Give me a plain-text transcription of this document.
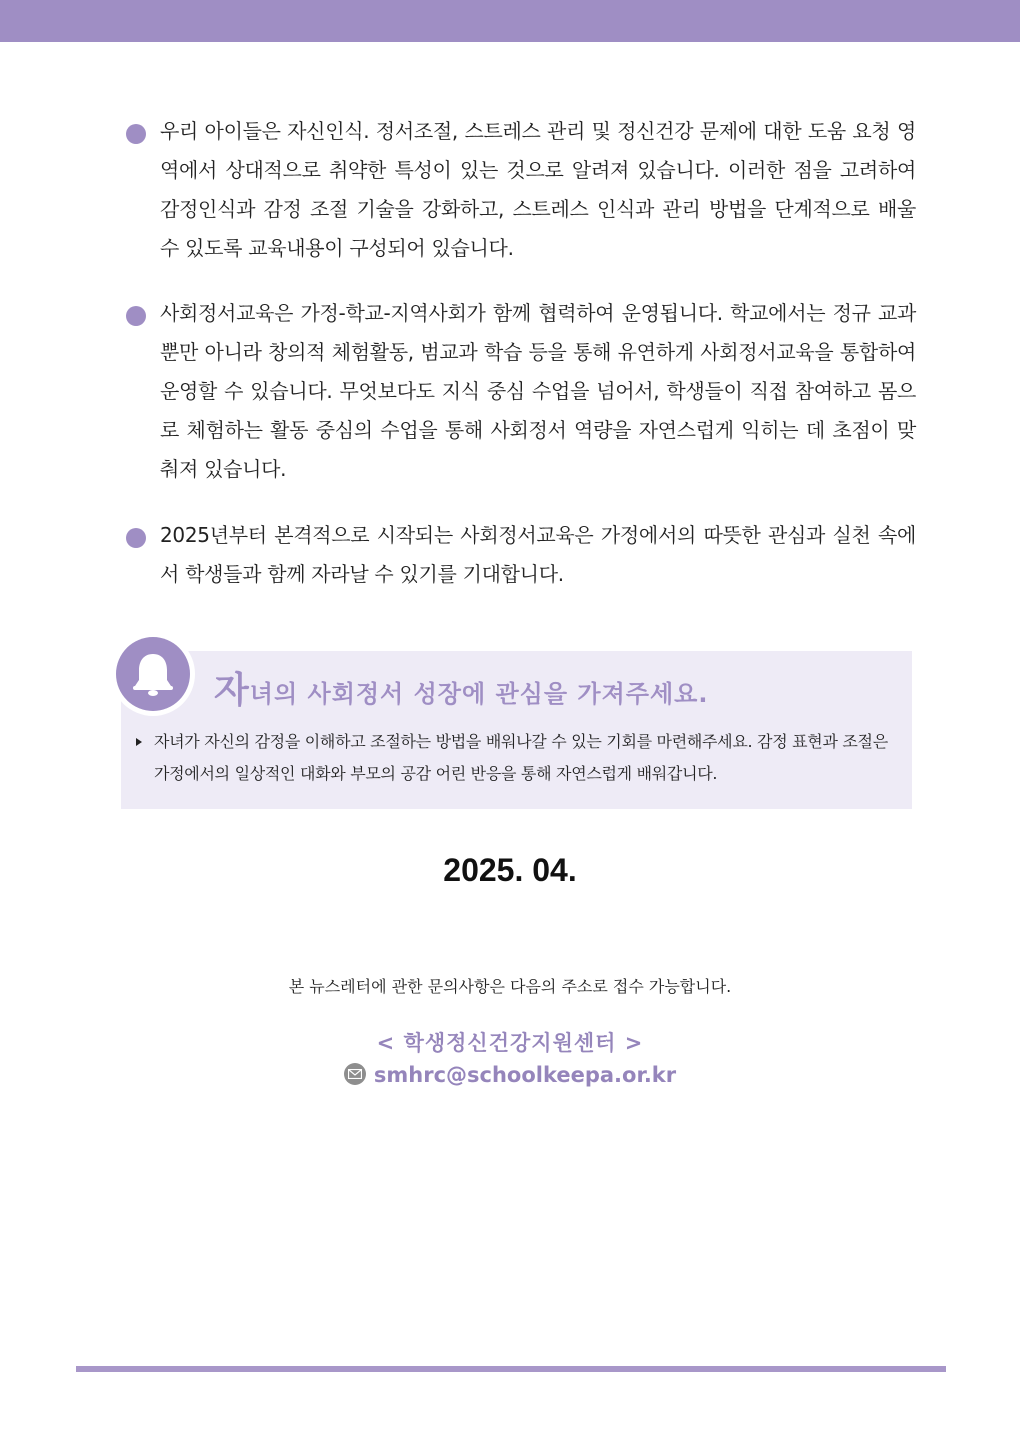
우리 아이들은 자신인식. 정서조절, 스트레스 관리 및 정신건강 문제에 대한 도움 요청 영역에서 상대적으로 취약한 특성이 있는 것으로 알려져 있습니다. 이러한 점을 고려하여 감정인식과 감정 조절 기술을 강화하고, 스트레스 인식과 관리 방법을 단계적으로 배울 수 있도록 교육내용이 구성되어 있습니다.
사회정서교육은 가정-학교-지역사회가 함께 협력하여 운영됩니다. 학교에서는 정규 교과뿐만 아니라 창의적 체험활동, 범교과 학습 등을 통해 유연하게 사회정서교육을 통합하여 운영할 수 있습니다. 무엇보다도 지식 중심 수업을 넘어서, 학생들이 직접 참여하고 몸으로 체험하는 활동 중심의 수업을 통해 사회정서 역량을 자연스럽게 익히는 데 초점이 맞춰져 있습니다.
2025년부터 본격적으로 시작되는 사회정서교육은 가정에서의 따뜻한 관심과 실천 속에서 학생들과 함께 자라날 수 있기를 기대합니다.
자녀의 사회정서 성장에 관심을 가져주세요.
자녀가 자신의 감정을 이해하고 조절하는 방법을 배워나갈 수 있는 기회를 마련해주세요. 감정 표현과 조절은 가정에서의 일상적인 대화와 부모의 공감 어린 반응을 통해 자연스럽게 배워갑니다.
2025. 04.
본 뉴스레터에 관한 문의사항은 다음의 주소로 접수 가능합니다.
< 학생정신건강지원센터 >
smhrc@schoolkeepa.or.kr
